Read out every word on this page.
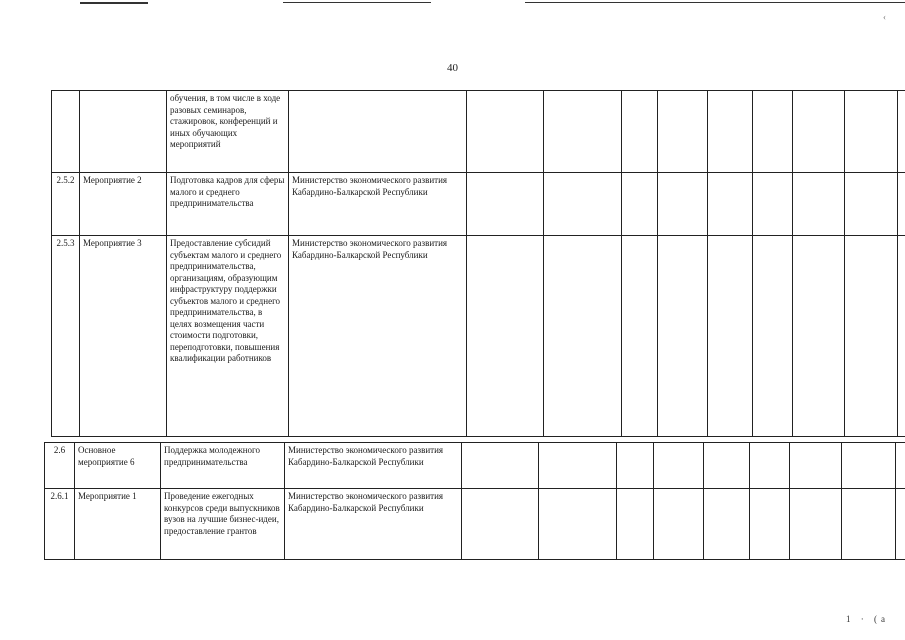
‹
40
		обучения, в том числе в ходе разовых семинаров, стажировок, конференций и иных обучающих мероприятий										
2.5.2	Мероприятие 2	Подготовка кадров для сферы малого и среднего предпринимательства	Министерство экономического развития Кабардино-Балкарской Республики									
2.5.3	Мероприятие 3	Предоставление субсидий субъектам малого и среднего предпринимательства, организациям, образующим инфраструктуру поддержки субъектов малого и среднего предпринимательства, в целях возмещения части стоимости подготовки, переподготовки, повышения квалификации работников	Министерство экономического развития Кабардино-Балкарской Республики									
2.6	Основное мероприятие 6	Поддержка молодежного предпринимательства	Министерство экономического развития Кабардино-Балкарской Республики									
2.6.1	Мероприятие 1	Проведение ежегодных конкурсов среди выпускников вузов на лучшие бизнес-идеи, предоставление грантов	Министерство экономического развития Кабардино-Балкарской Республики									
1 · (a
